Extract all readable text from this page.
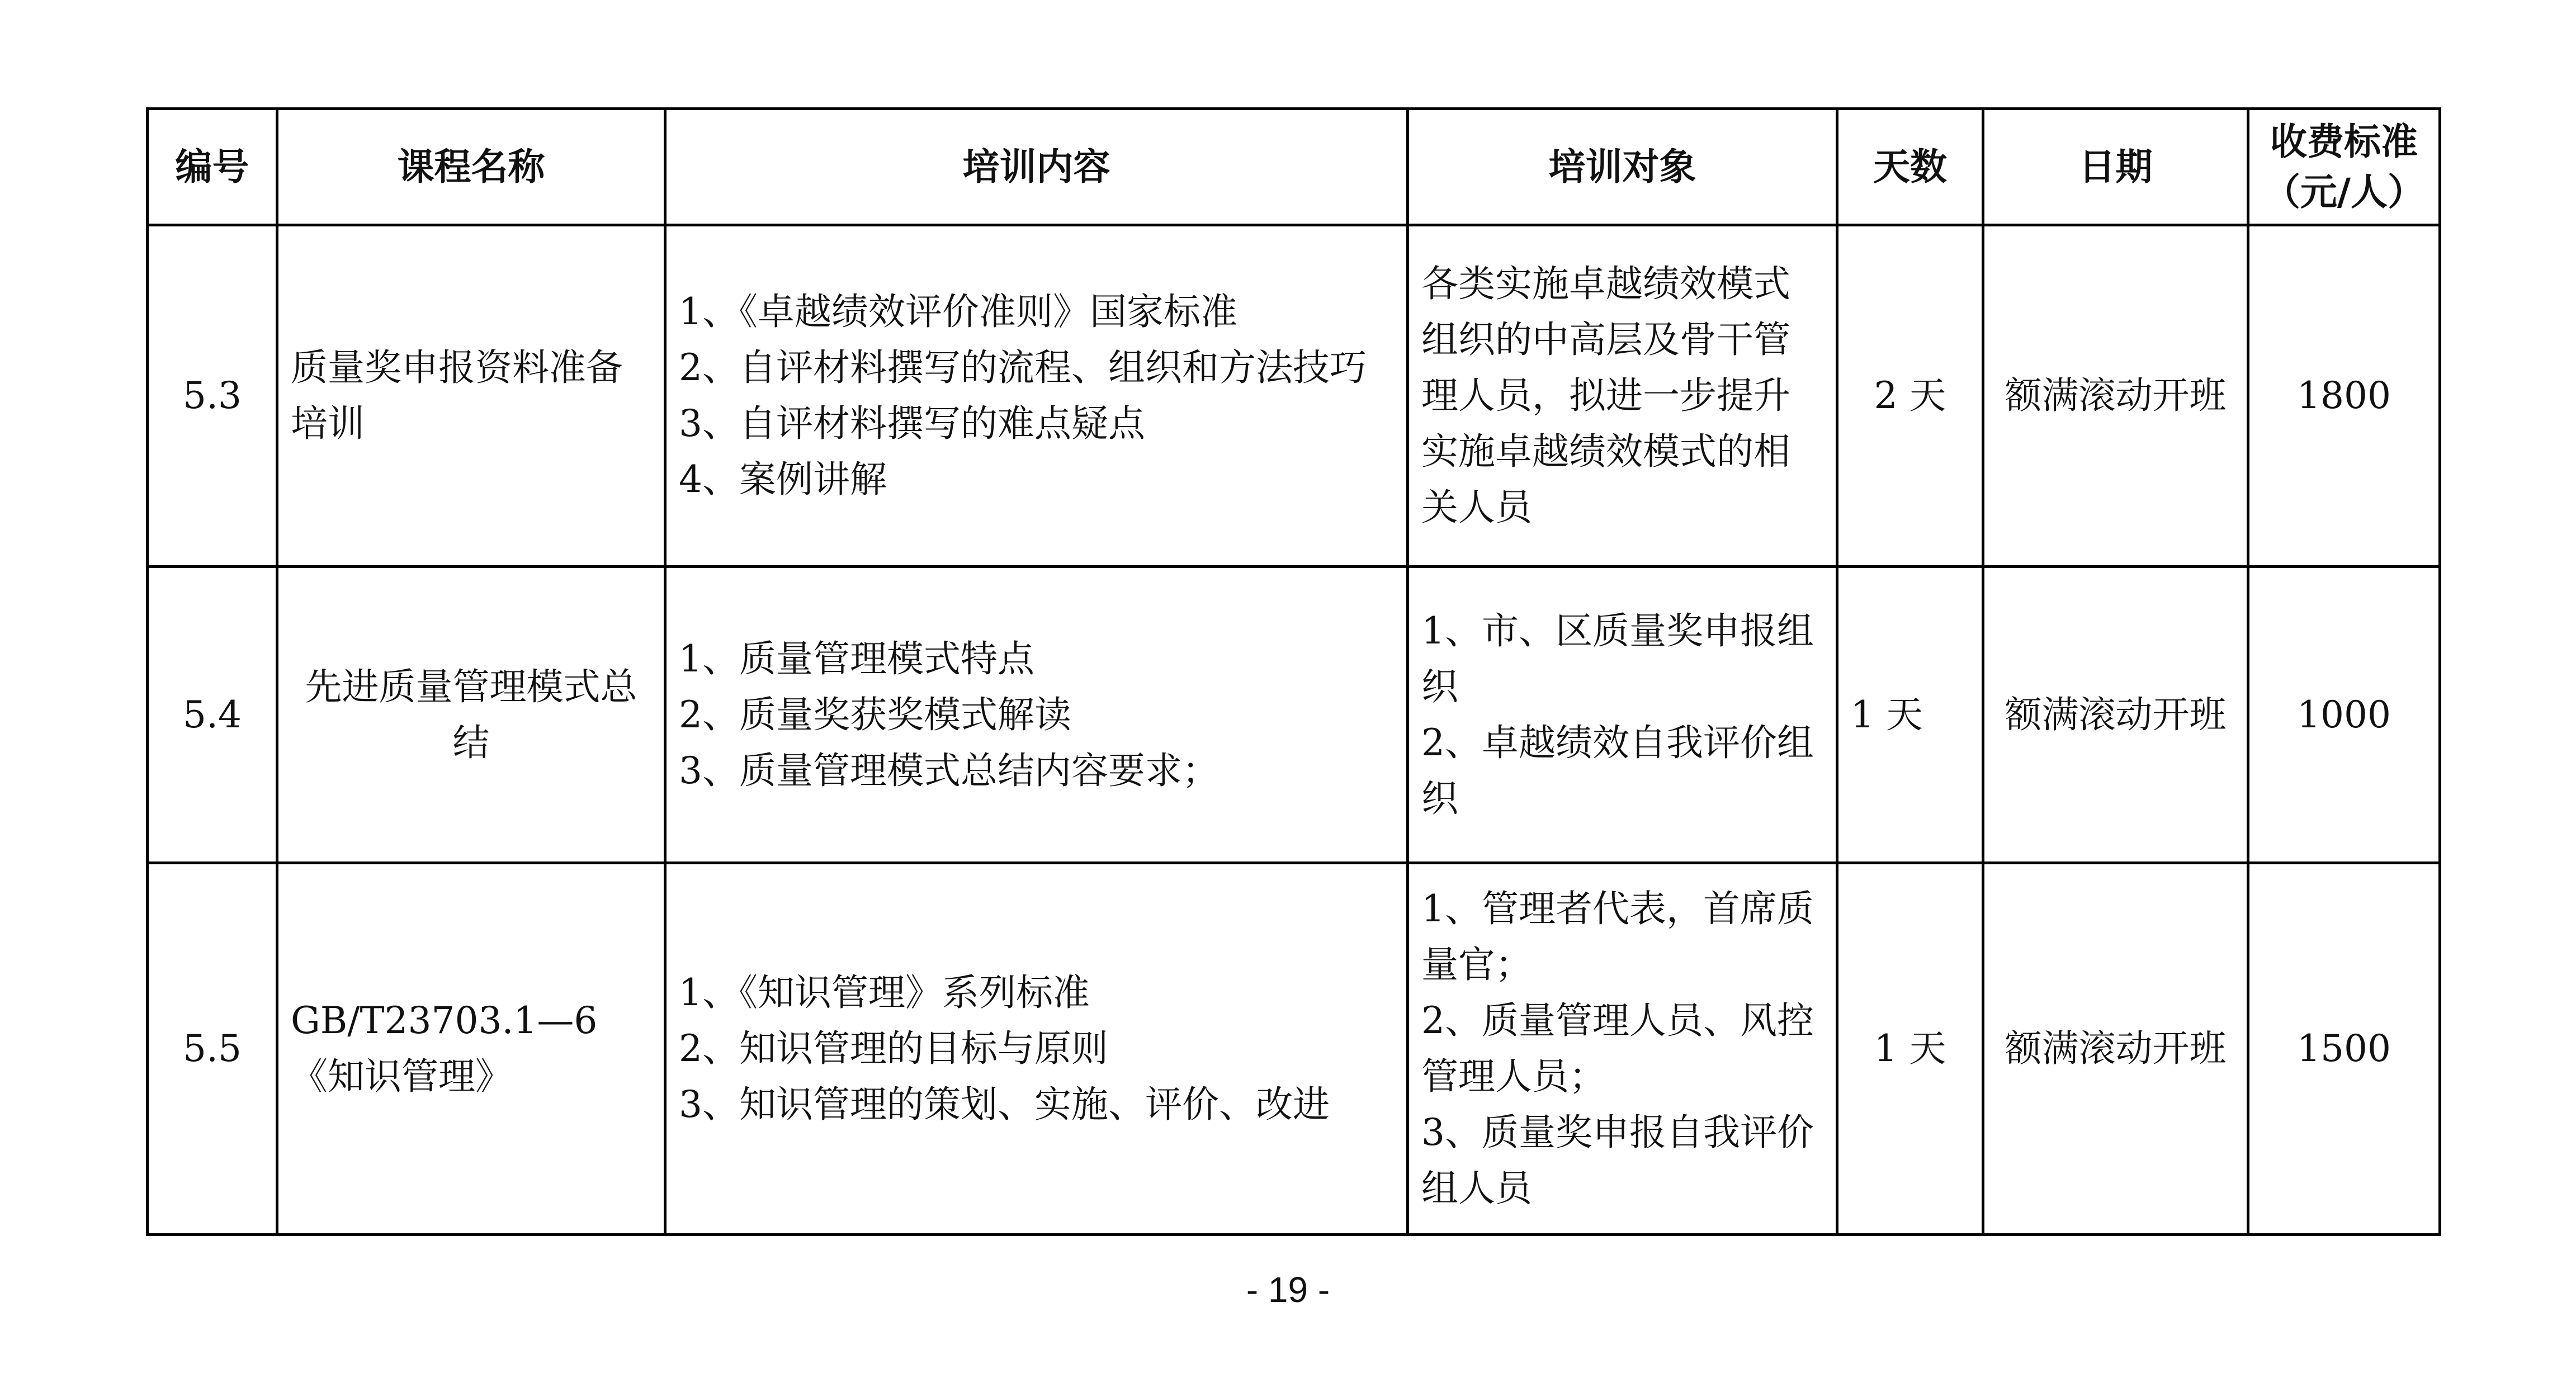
编号	课程名称	培训内容	培训对象	天数	日期	收费标准
（元/人）

5.3	质量奖申报资料准备培训	1、《卓越绩效评价准则》国家标准
2、自评材料撰写的流程、组织和方法技巧
3、自评材料撰写的难点疑点
4、案例讲解	各类实施卓越绩效模式组织的中高层及骨干管理人员，拟进一步提升实施卓越绩效模式的相关人员	2 天	额满滚动开班	1800
5.4	先进质量管理模式总结	1、质量管理模式特点
2、质量奖获奖模式解读
3、质量管理模式总结内容要求；	1、市、区质量奖申报组织
2、卓越绩效自我评价组织	1 天	额满滚动开班	1000
5.5	GB/T23703.1—6《知识管理》	1、《知识管理》系列标准
2、知识管理的目标与原则
3、知识管理的策划、实施、评价、改进	1、管理者代表，首席质量官；
2、质量管理人员、风控管理人员；
3、质量奖申报自我评价组人员	1 天	额满滚动开班	1500
- 19 -
